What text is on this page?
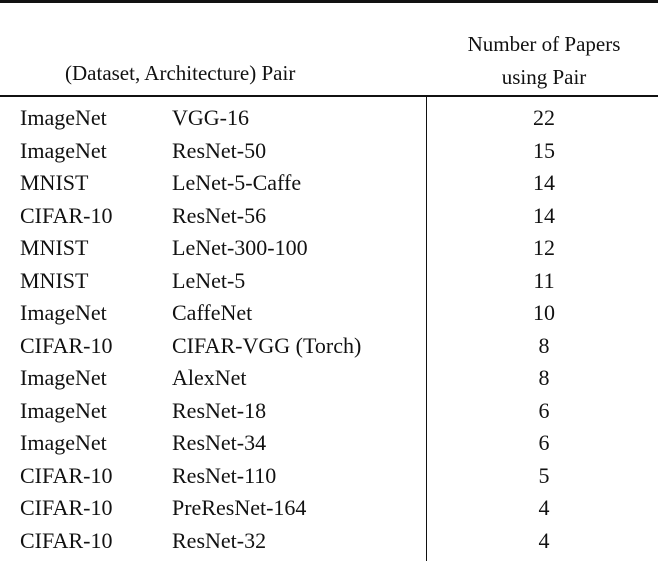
(Dataset, Architecture) Pair
Number of Papers
using Pair
ImageNet	VGG-16	22
ImageNet	ResNet-50	15
MNIST	LeNet-5-Caffe	14
CIFAR-10	ResNet-56	14
MNIST	LeNet-300-100	12
MNIST	LeNet-5	11
ImageNet	CaffeNet	10
CIFAR-10	CIFAR-VGG (Torch)	8
ImageNet	AlexNet	8
ImageNet	ResNet-18	6
ImageNet	ResNet-34	6
CIFAR-10	ResNet-110	5
CIFAR-10	PreResNet-164	4
CIFAR-10	ResNet-32	4
